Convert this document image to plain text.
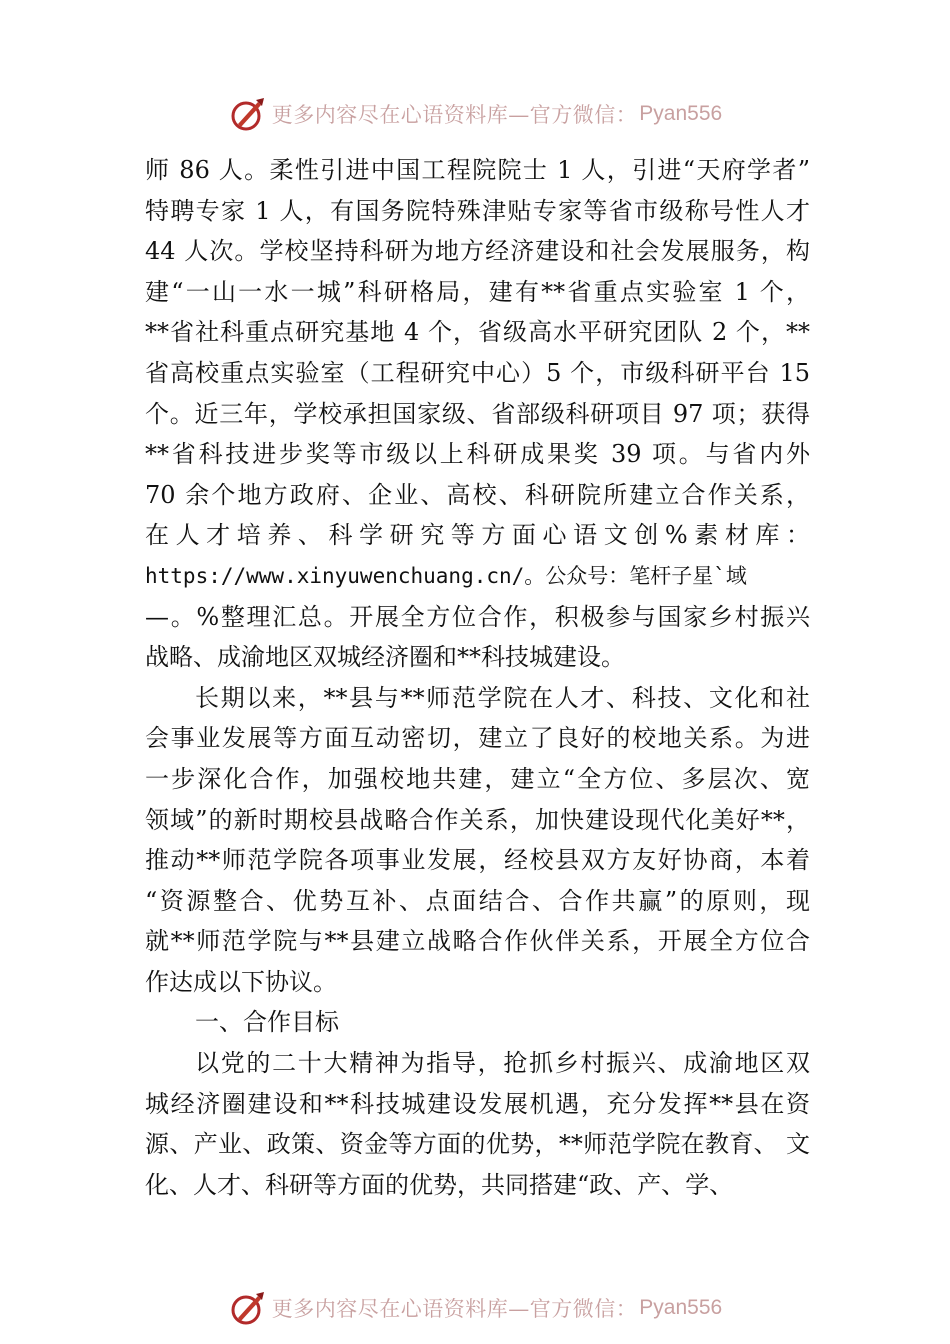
更多内容尽在心语资料库—官方微信： Pyan556
师 86 人。柔性引进中国工程院院士 1 人，引进“天府学者”
特聘专家 1 人，有国务院特殊津贴专家等省市级称号性人才
44 人次。学校坚持科研为地方经济建设和社会发展服务，构
建“一山一水一城”科研格局，建有**省重点实验室 1 个，
**省社科重点研究基地 4 个，省级高水平研究团队 2 个，**
省高校重点实验室（工程研究中心）5 个，市级科研平台 15
个。近三年，学校承担国家级、省部级科研项目 97 项；获得
**省科技进步奖等市级以上科研成果奖 39 项。与省内外
70 余个地方政府、企业、高校、科研院所建立合作关系，
在人才培养、科学研究等方面心语文创%素材库：
https://www.xinyuwenchuang.cn/。公众号：笔杆子星`域
—。%整理汇总。开展全方位合作，积极参与国家乡村振兴
战略、成渝地区双城经济圈和**科技城建设。
长期以来，**县与**师范学院在人才、科技、文化和社
会事业发展等方面互动密切，建立了良好的校地关系。为进
一步深化合作，加强校地共建，建立“全方位、多层次、宽
领域”的新时期校县战略合作关系，加快建设现代化美好**，
推动**师范学院各项事业发展，经校县双方友好协商，本着
“资源整合、优势互补、点面结合、合作共赢”的原则，现
就**师范学院与**县建立战略合作伙伴关系，开展全方位合
作达成以下协议。
一、合作目标
以党的二十大精神为指导，抢抓乡村振兴、成渝地区双
城经济圈建设和**科技城建设发展机遇，充分发挥**县在资
源、产业、政策、资金等方面的优势，**师范学院在教育、 文
化、人才、科研等方面的优势，共同搭建“政、产、学、
更多内容尽在心语资料库—官方微信： Pyan556
